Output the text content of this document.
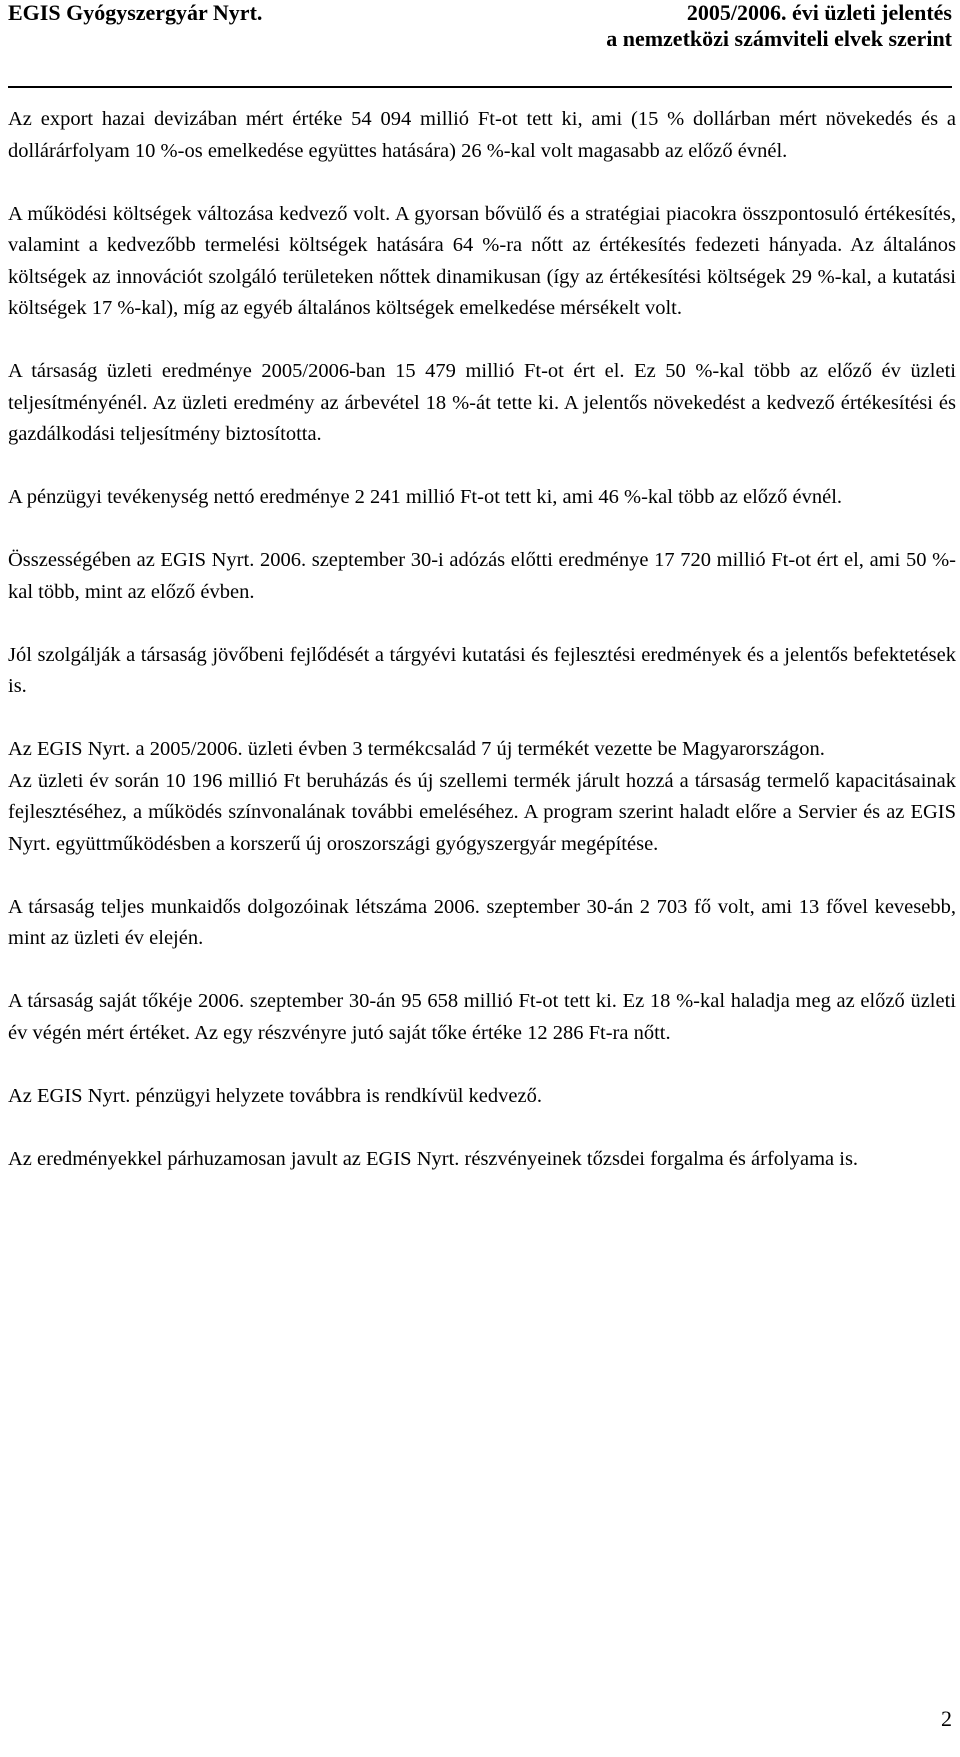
EGIS Gyógyszergyár Nyrt.	2005/2006. évi üzleti jelentés
a nemzetközi számviteli elvek szerint

Az export hazai devizában mért értéke 54 094 millió Ft-ot tett ki, ami (15 % dollárban mért növekedés és a dollárárfolyam 10 %-os emelkedése együttes hatására) 26 %-kal volt magasabb az előző évnél.

A működési költségek változása kedvező volt. A gyorsan bővülő és a stratégiai piacokra összpontosuló értékesítés, valamint a kedvezőbb termelési költségek hatására 64 %-ra nőtt az értékesítés fedezeti hányada. Az általános költségek az innovációt szolgáló területeken nőttek dinamikusan (így az értékesítési költségek 29 %-kal, a kutatási költségek 17 %-kal), míg az egyéb általános költségek emelkedése mérsékelt volt.

A társaság üzleti eredménye 2005/2006-ban 15 479 millió Ft-ot ért el. Ez 50 %-kal több az előző év üzleti teljesítményénél. Az üzleti eredmény az árbevétel 18 %-át tette ki. A jelentős növekedést a kedvező értékesítési és gazdálkodási teljesítmény biztosította.

A pénzügyi tevékenység nettó eredménye 2 241 millió Ft-ot tett ki, ami 46 %-kal több az előző évnél.

Összességében az EGIS Nyrt. 2006. szeptember 30-i adózás előtti eredménye 17 720 millió Ft-ot ért el, ami 50 %-kal több, mint az előző évben.

Jól szolgálják a társaság jövőbeni fejlődését a tárgyévi kutatási és fejlesztési eredmények és a jelentős befektetések is.

Az EGIS Nyrt. a 2005/2006. üzleti évben 3 termékcsalád 7 új termékét vezette be Magyarországon.

Az üzleti év során 10 196 millió Ft beruházás és új szellemi termék járult hozzá a társaság termelő kapacitásainak fejlesztéséhez, a működés színvonalának további emeléséhez. A program szerint haladt előre a Servier és az EGIS Nyrt. együttműködésben a korszerű új oroszországi gyógyszergyár megépítése.

A társaság teljes munkaidős dolgozóinak létszáma 2006. szeptember 30-án 2 703 fő volt, ami 13 fővel kevesebb, mint az üzleti év elején.

A társaság saját tőkéje 2006. szeptember 30-án 95 658 millió Ft-ot tett ki. Ez 18 %-kal haladja meg az előző üzleti év végén mért értéket. Az egy részvényre jutó saját tőke értéke 12 286 Ft-ra nőtt.

Az EGIS Nyrt. pénzügyi helyzete továbbra is rendkívül kedvező.

Az eredményekkel párhuzamosan javult az EGIS Nyrt. részvényeinek tőzsdei forgalma és árfolyama is.

2
